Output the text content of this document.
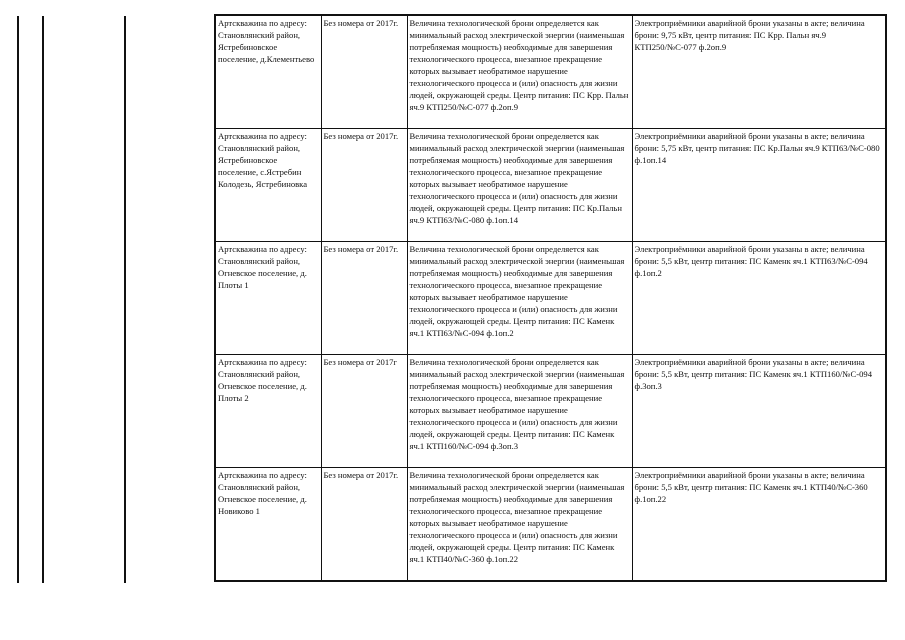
Артскважина по адресу: Становлянский район, Ястребиновское поселение, д.Клементьево	Без номера от 2017г.	Величина технологической брони определяется как минимальный расход электрической энергии (наименьшая потребляемая мощность) необходимые для завершения технологического процесса, внезапное прекращение которых вызывает необратимое нарушение технологического процесса и (или) опасность для жизни людей, окружающей среды. Центр питания: ПС Крр. Пальн яч.9 КТП250/№С-077 ф.2оп.9	Электроприёмники аварийной брони указаны в акте; величина брони: 9,75 кВт, центр питания: ПС Крр. Пальн яч.9 КТП250/№С-077 ф.2оп.9
Артскважина по адресу: Становлянский район, Ястребиновское поселение, с.Ястребин Колодезь, Ястребиновка	Без номера от 2017г.	Величина технологической брони определяется как минимальный расход электрической энергии (наименьшая потребляемая мощность) необходимые для завершения технологического процесса, внезапное прекращение которых вызывает необратимое нарушение технологического процесса и (или) опасность для жизни людей, окружающей среды. Центр питания: ПС Кр.Пальн яч.9 КТП63/№С-080 ф.1оп.14	Электроприёмники аварийной брони указаны в акте; величина брони: 5,75 кВт, центр питания: ПС Кр.Пальн яч.9 КТП63/№С-080 ф.1оп.14
Артскважина по адресу: Становлянский район, Огневское поселение, д. Плоты 1	Без номера от 2017г.	Величина технологической брони определяется как минимальный расход электрической энергии (наименьшая потребляемая мощность) необходимые для завершения технологического процесса, внезапное прекращение которых вызывает необратимое нарушение технологического процесса и (или) опасность для жизни людей, окружающей среды. Центр питания: ПС Каменк яч.1 КТП63/№С-094 ф.1оп.2	Электроприёмники аварийной брони указаны в акте; величина брони: 5,5 кВт, центр питания: ПС Каменк яч.1 КТП63/№С-094 ф.1оп.2
Артскважина по адресу: Становлянский район, Огневское поселение, д. Плоты 2	Без номера от 2017г	Величина технологической брони определяется как минимальный расход электрической энергии (наименьшая потребляемая мощность) необходимые для завершения технологического процесса, внезапное прекращение которых вызывает необратимое нарушение технологического процесса и (или) опасность для жизни людей, окружающей среды. Центр питания: ПС Каменк яч.1 КТП160/№С-094 ф.3оп.3	Электроприёмники аварийной брони указаны в акте; величина брони: 5,5 кВт, центр питания: ПС Каменк яч.1 КТП160/№С-094 ф.3оп.3
Артскважина по адресу: Становлянский район, Огневское поселение, д. Новиково 1	Без номера от 2017г.	Величина технологической брони определяется как минимальный расход электрической энергии (наименьшая потребляемая мощность) необходимые для завершения технологического процесса, внезапное прекращение которых вызывает необратимое нарушение технологического процесса и (или) опасность для жизни людей, окружающей среды. Центр питания: ПС Каменк яч.1 КТП40/№С-360 ф.1оп.22	Электроприёмники аварийной брони указаны в акте; величина брони: 5,5 кВт, центр питания: ПС Каменк яч.1 КТП40/№С-360 ф.1оп.22
